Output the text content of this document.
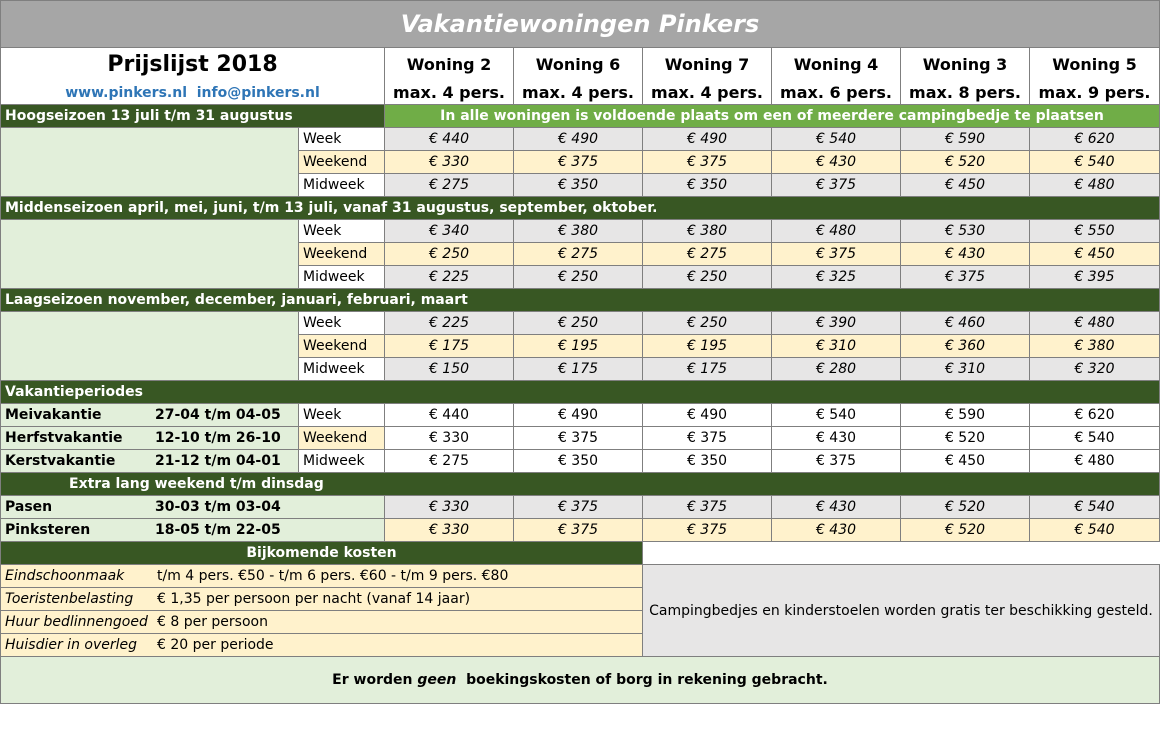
Vakantiewoningen Pinkers							
Prijslijst 2018		Woning 2	Woning 6	Woning 7	Woning 4	Woning 3	Woning 5
www.pinkers.nl info@pinkers.nl		max. 4 pers.	max. 4 pers.	max. 4 pers.	max. 6 pers.	max. 8 pers.	max. 9 pers.
Hoogseizoen 13 juli t/m 31 augustus		In alle woningen is voldoende plaats om een of meerdere campingbedje te plaatsen					
	Week	€ 440	€ 490	€ 490	€ 540	€ 590	€ 620
	Weekend	€ 330	€ 375	€ 375	€ 430	€ 520	€ 540
	Midweek	€ 275	€ 350	€ 350	€ 375	€ 450	€ 480
Middenseizoen april, mei, juni, t/m 13 juli, vanaf 31 augustus, september, oktober.							
	Week	€ 340	€ 380	€ 380	€ 480	€ 530	€ 550
	Weekend	€ 250	€ 275	€ 275	€ 375	€ 430	€ 450
	Midweek	€ 225	€ 250	€ 250	€ 325	€ 375	€ 395
Laagseizoen november, december, januari, februari, maart							
	Week	€ 225	€ 250	€ 250	€ 390	€ 460	€ 480
	Weekend	€ 175	€ 195	€ 195	€ 310	€ 360	€ 380
	Midweek	€ 150	€ 175	€ 175	€ 280	€ 310	€ 320
Vakantieperiodes							
Meivakantie 27-04 t/m 04-05	Week	€ 440	€ 490	€ 490	€ 540	€ 590	€ 620
Herfstvakantie 12-10 t/m 26-10	Weekend	€ 330	€ 375	€ 375	€ 430	€ 520	€ 540
Kerstvakantie 21-12 t/m 04-01	Midweek	€ 275	€ 350	€ 350	€ 375	€ 450	€ 480
Extra lang weekend t/m dinsdag							
Pasen 30-03 t/m 03-04		€ 330	€ 375	€ 375	€ 430	€ 520	€ 540
Pinksteren 18-05 t/m 22-05		€ 330	€ 375	€ 375	€ 430	€ 520	€ 540
Bijkomende kosten							
Eindschoonmaak t/m 4 pers. €50 - t/m 6 pers. €60 - t/m 9 pers. €80				Campingbedjes en kinderstoelen worden gratis ter beschikking gesteld.			
Toeristenbelasting € 1,35 per persoon per nacht (vanaf 14 jaar)							
Huur bedlinnengoed € 8 per persoon							
Huisdier in overleg € 20 per periode							
Er worden geen boekingskosten of borg in rekening gebracht.							
